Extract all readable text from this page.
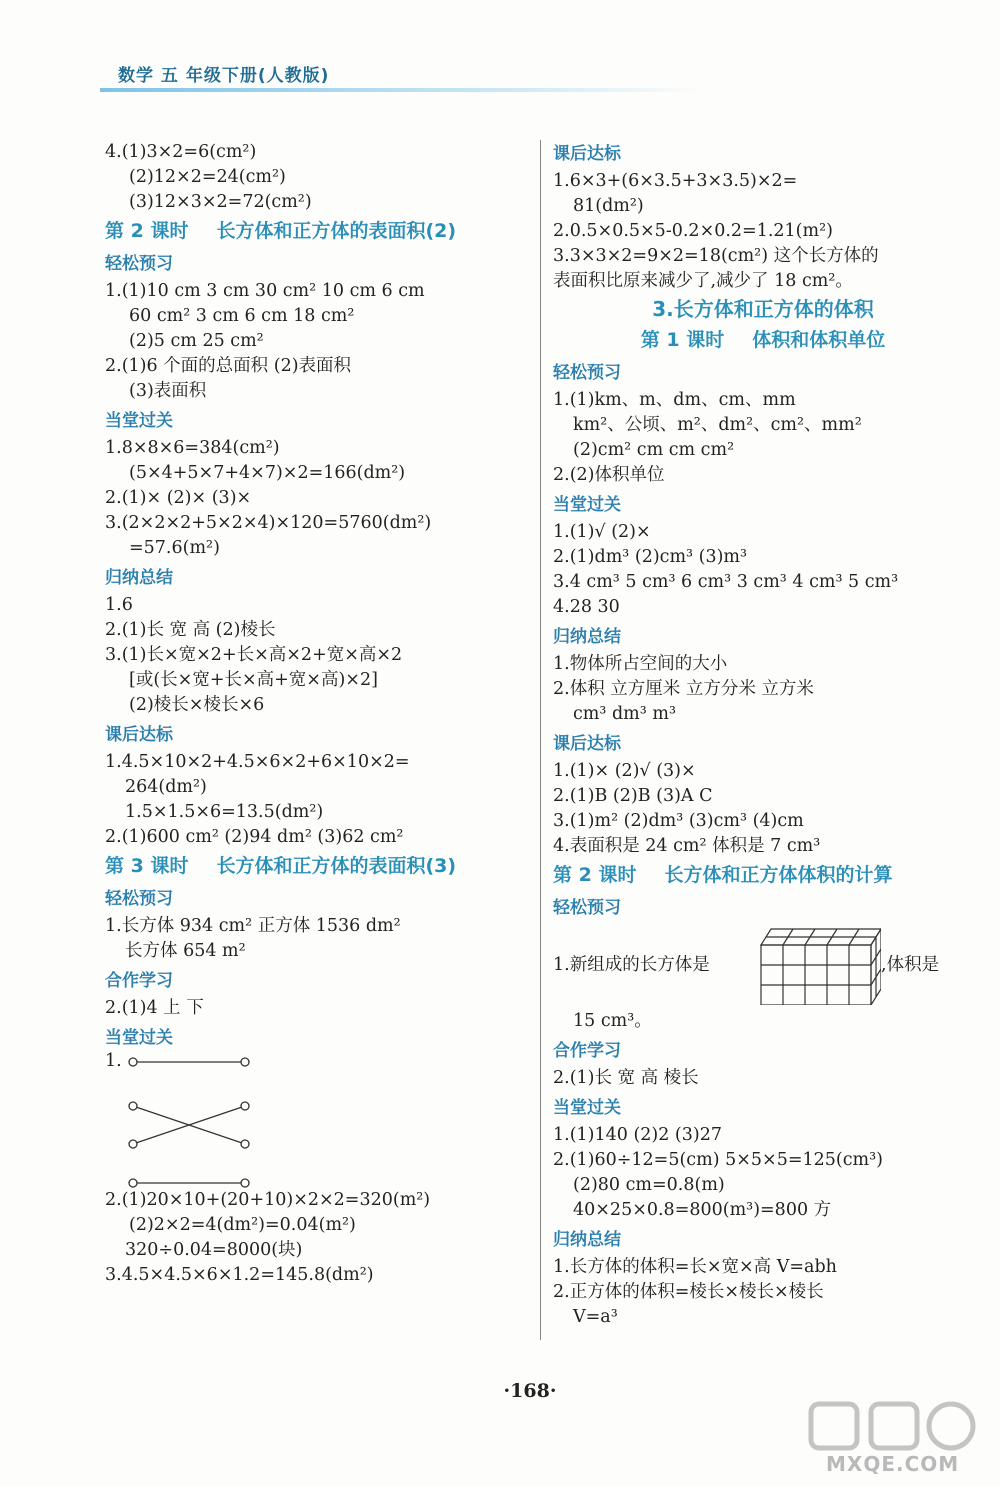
数学 五 年级下册(人教版)
4.(1)3×2=6(cm²)
(2)12×2=24(cm²)
(3)12×3×2=72(cm²)
第 2 课时 长方体和正方体的表面积(2)
轻松预习
1.(1)10 cm 3 cm 30 cm² 10 cm 6 cm
60 cm² 3 cm 6 cm 18 cm²
(2)5 cm 25 cm²
2.(1)6 个面的总面积 (2)表面积
(3)表面积
当堂过关
1.8×8×6=384(cm²)
(5×4+5×7+4×7)×2=166(dm²)
2.(1)× (2)× (3)×
3.(2×2×2+5×2×4)×120=5760(dm²)
=57.6(m²)
归纳总结
1.6
2.(1)长 宽 高 (2)棱长
3.(1)长×宽×2+长×高×2+宽×高×2
[或(长×宽+长×高+宽×高)×2]
(2)棱长×棱长×6
课后达标
1.4.5×10×2+4.5×6×2+6×10×2=
264(dm²)
1.5×1.5×6=13.5(dm²)
2.(1)600 cm² (2)94 dm² (3)62 cm²
第 3 课时 长方体和正方体的表面积(3)
轻松预习
1.长方体 934 cm² 正方体 1536 dm²
长方体 654 m²
合作学习
2.(1)4 上 下
当堂过关
1.
2.(1)20×10+(20+10)×2×2=320(m²)
(2)2×2=4(dm²)=0.04(m²)
320÷0.04=8000(块)
3.4.5×4.5×6×1.2=145.8(dm²)
课后达标
1.6×3+(6×3.5+3×3.5)×2=
81(dm²)
2.0.5×0.5×5-0.2×0.2=1.21(m²)
3.3×3×2=9×2=18(cm²) 这个长方体的
表面积比原来减少了,减少了 18 cm²。
3.长方体和正方体的体积
第 1 课时 体积和体积单位
轻松预习
1.(1)km、m、dm、cm、mm
km²、公顷、m²、dm²、cm²、mm²
(2)cm² cm cm cm²
2.(2)体积单位
当堂过关
1.(1)√ (2)×
2.(1)dm³ (2)cm³ (3)m³
3.4 cm³ 5 cm³ 6 cm³ 3 cm³ 4 cm³ 5 cm³
4.28 30
归纳总结
1.物体所占空间的大小
2.体积 立方厘米 立方分米 立方米
cm³ dm³ m³
课后达标
1.(1)× (2)√ (3)×
2.(1)B (2)B (3)A C
3.(1)m² (2)dm³ (3)cm³ (4)cm
4.表面积是 24 cm² 体积是 7 cm³
第 2 课时 长方体和正方体体积的计算
轻松预习
1.新组成的长方体是	,体积是
15 cm³。
合作学习
2.(1)长 宽 高 棱长
当堂过关
1.(1)140 (2)2 (3)27
2.(1)60÷12=5(cm) 5×5×5=125(cm³)
(2)80 cm=0.8(m)
40×25×0.8=800(m³)=800 方
归纳总结
1.长方体的体积=长×宽×高 V=abh
2.正方体的体积=棱长×棱长×棱长
V=a³
·168·
MXQE.COM
